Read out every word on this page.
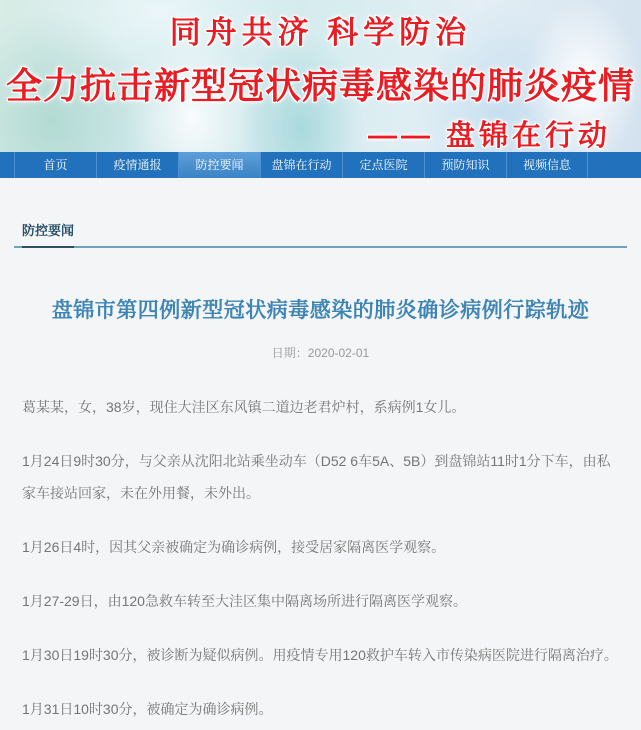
同舟共济 科学防治
全力抗击新型冠状病毒感染的肺炎疫情
—— 盘锦在行动
首页	疫情通报	防控要闻	盘锦在行动	定点医院	预防知识	视频信息
防控要闻
盘锦市第四例新型冠状病毒感染的肺炎确诊病例行踪轨迹
日期：2020-02-01

葛某某，女，38岁，现住大洼区东风镇二道边老君炉村，系病例1女儿。

1月24日9时30分，与父亲从沈阳北站乘坐动车（D52 6车5A、5B）到盘锦站11时1分下车，由私家车接站回家，未在外用餐，未外出。

1月26日4时，因其父亲被确定为确诊病例，接受居家隔离医学观察。

1月27-29日，由120急救车转至大洼区集中隔离场所进行隔离医学观察。

1月30日19时30分，被诊断为疑似病例。用疫情专用120救护车转入市传染病医院进行隔离治疗。

1月31日10时30分，被确定为确诊病例。
